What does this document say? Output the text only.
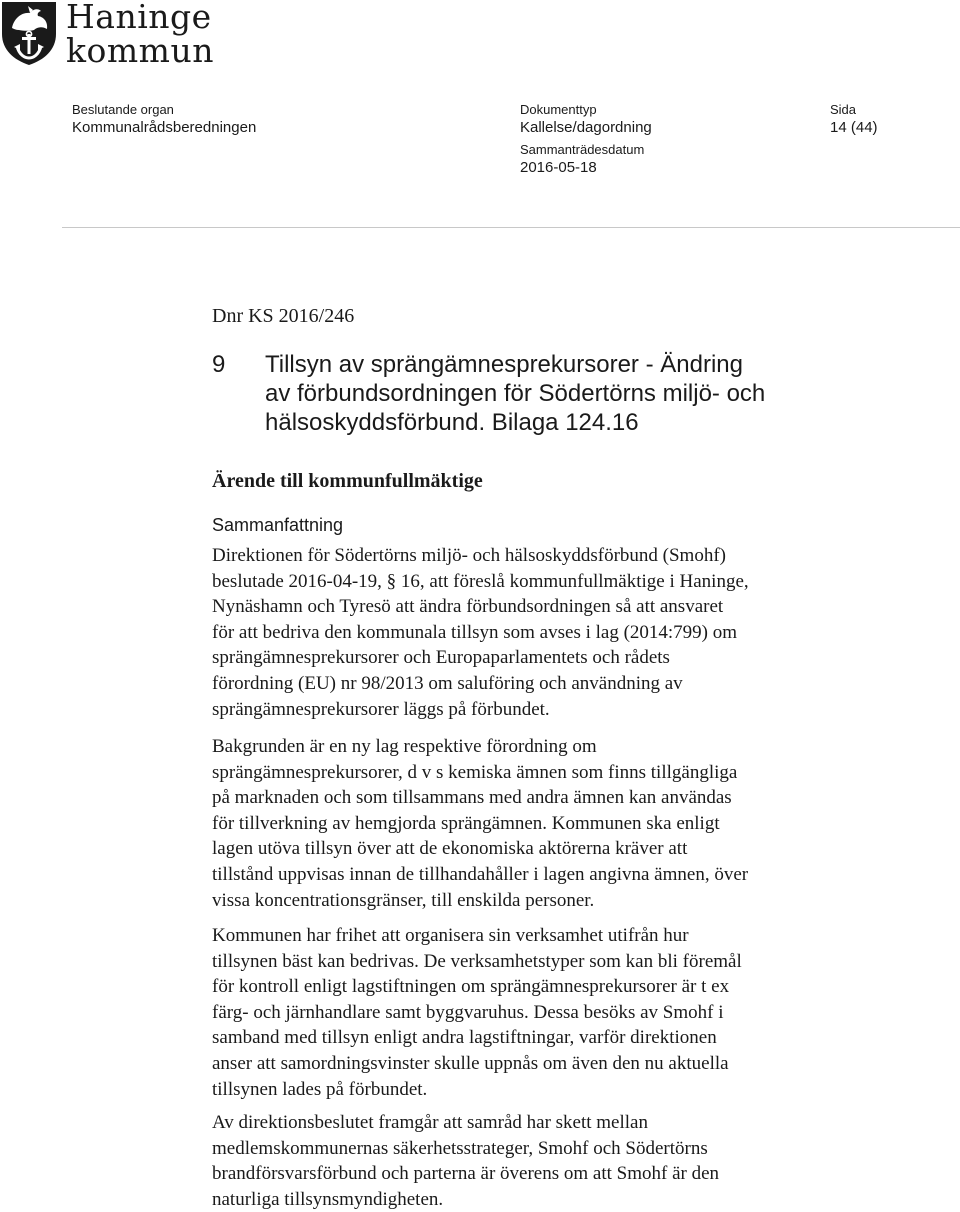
Haninge
kommun
Beslutande organ
Kommunalrådsberedningen
Dokumenttyp
Kallelse/dagordning
Sammanträdesdatum
2016-05-18
Sida
14 (44)
Dnr KS 2016/246
9 Tillsyn av sprängämnesprekursorer - Ändring
av förbundsordningen för Södertörns miljö- och
hälsoskyddsförbund. Bilaga 124.16
Ärende till kommunfullmäktige
Sammanfattning
Direktionen för Södertörns miljö- och hälsoskyddsförbund (Smohf)
beslutade 2016-04-19, § 16, att föreslå kommunfullmäktige i Haninge,
Nynäshamn och Tyresö att ändra förbundsordningen så att ansvaret
för att bedriva den kommunala tillsyn som avses i lag (2014:799) om
sprängämnesprekursorer och Europaparlamentets och rådets
förordning (EU) nr 98/2013 om saluföring och användning av
sprängämnesprekursorer läggs på förbundet.
Bakgrunden är en ny lag respektive förordning om
sprängämnesprekursorer, d v s kemiska ämnen som finns tillgängliga
på marknaden och som tillsammans med andra ämnen kan användas
för tillverkning av hemgjorda sprängämnen. Kommunen ska enligt
lagen utöva tillsyn över att de ekonomiska aktörerna kräver att
tillstånd uppvisas innan de tillhandahåller i lagen angivna ämnen, över
vissa koncentrationsgränser, till enskilda personer.
Kommunen har frihet att organisera sin verksamhet utifrån hur
tillsynen bäst kan bedrivas. De verksamhetstyper som kan bli föremål
för kontroll enligt lagstiftningen om sprängämnesprekursorer är t ex
färg- och järnhandlare samt byggvaruhus. Dessa besöks av Smohf i
samband med tillsyn enligt andra lagstiftningar, varför direktionen
anser att samordningsvinster skulle uppnås om även den nu aktuella
tillsynen lades på förbundet.
Av direktionsbeslutet framgår att samråd har skett mellan
medlemskommunernas säkerhetsstrateger, Smohf och Södertörns
brandförsvarsförbund och parterna är överens om att Smohf är den
naturliga tillsynsmyndigheten.
